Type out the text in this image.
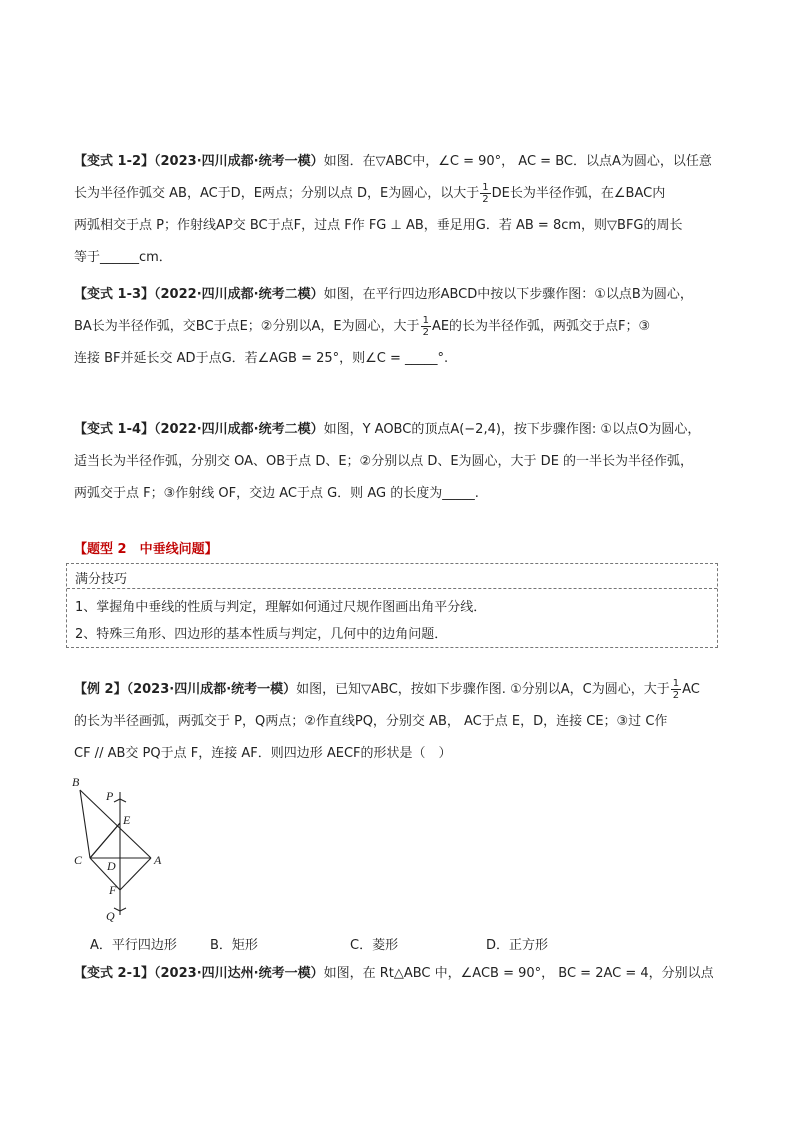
【变式 1-2】（2023·四川成都·统考一模）如图．在▽ABC中，∠C = 90°， AC = BC．以点A为圆心，以任意
长为半径作弧交 AB，AC于D，E两点；分别以点 D，E为圆心，以大于 $\frac{1}{2}$ DE长为半径作弧，在∠BAC内
两弧相交于点 P；作射线AP交 BC于点F，过点 F作 FG ⊥ AB，垂足用G．若 AB = 8cm，则▽BFG的周长
等于______cm．
【变式 1-3】（2022·四川成都·统考二模）如图，在平行四边形ABCD中按以下步骤作图：①以点B为圆心，
BA长为半径作弧，交BC于点E；②分别以A，E为圆心，大于 $\frac{1}{2}$ AE的长为半径作弧，两弧交于点F；③
连接 BF并延长交 AD于点G．若∠AGB = 25°，则∠C = _____°.
【变式 1-4】（2022·四川成都·统考二模）如图，Y AOBC的顶点A(−2,4)，按下步骤作图: ①以点O为圆心，
适当长为半径作弧，分别交 OA、OB于点 D、E；②分别以点 D、E为圆心，大于 DE 的一半长为半径作弧，
两弧交于点 F；③作射线 OF，交边 AC于点 G．则 AG 的长度为_____.
【题型 2　中垂线问题】
满分技巧
1、掌握角中垂线的性质与判定，理解如何通过尺规作图画出角平分线．
2、特殊三角形、四边形的基本性质与判定，几何中的边角问题．
【例 2】（2023·四川成都·统考一模）如图，已知▽ABC，按如下步骤作图. ①分别以A，C为圆心，大于 $\frac{1}{2}$ AC
的长为半径画弧，两弧交于 P，Q两点；②作直线PQ，分别交 AB， AC于点 E，D，连接 CE；③过 C作
CF // AB交 PQ于点 F，连接 AF．则四边形 AECF的形状是（　）
B
P
E
C D	A
F
Q
A．平行四边形	B．矩形	C．菱形	D．正方形
【变式 2-1】（2023·四川达州·统考一模）如图，在 Rt△ABC 中，∠ACB = 90°， BC = 2AC = 4，分别以点
